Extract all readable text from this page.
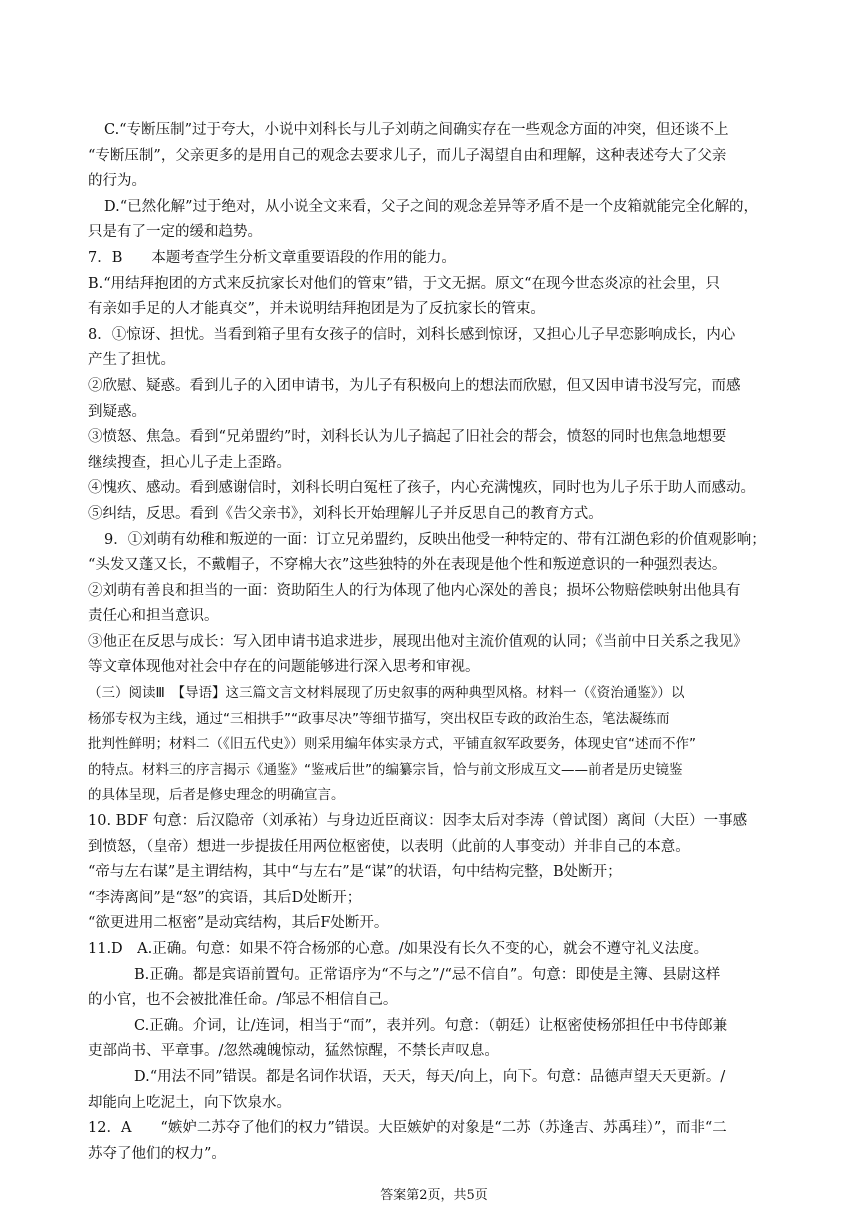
C.“专断压制”过于夸大，小说中刘科长与儿子刘萌之间确实存在一些观念方面的冲突，但还谈不上
“专断压制”，父亲更多的是用自己的观念去要求儿子，而儿子渴望自由和理解，这种表述夸大了父亲
的行为。
D.“已然化解”过于绝对，从小说全文来看，父子之间的观念差异等矛盾不是一个皮箱就能完全化解的，
只是有了一定的缓和趋势。
7．B　　本题考查学生分析文章重要语段的作用的能力。
B.“用结拜抱团的方式来反抗家长对他们的管束”错，于文无据。原文“在现今世态炎凉的社会里，只
有亲如手足的人才能真交”，并未说明结拜抱团是为了反抗家长的管束。
8．①惊讶、担忧。当看到箱子里有女孩子的信时，刘科长感到惊讶，又担心儿子早恋影响成长，内心
产生了担忧。
②欣慰、疑惑。看到儿子的入团申请书，为儿子有积极向上的想法而欣慰，但又因申请书没写完，而感
到疑惑。
③愤怒、焦急。看到“兄弟盟约”时，刘科长认为儿子搞起了旧社会的帮会，愤怒的同时也焦急地想要
继续搜查，担心儿子走上歪路。
④愧疚、感动。看到感谢信时，刘科长明白冤枉了孩子，内心充满愧疚，同时也为儿子乐于助人而感动。
⑤纠结，反思。看到《告父亲书》，刘科长开始理解儿子并反思自己的教育方式。
9．①刘萌有幼稚和叛逆的一面：订立兄弟盟约，反映出他受一种特定的、带有江湖色彩的价值观影响；
“头发又蓬又长，不戴帽子，不穿棉大衣”这些独特的外在表现是他个性和叛逆意识的一种强烈表达。
②刘萌有善良和担当的一面：资助陌生人的行为体现了他内心深处的善良；损坏公物赔偿映射出他具有
责任心和担当意识。
③他正在反思与成长：写入团申请书追求进步，展现出他对主流价值观的认同；《当前中日关系之我见》
等文章体现他对社会中存在的问题能够进行深入思考和审视。
（三）阅读Ⅲ　【导语】这三篇文言文材料展现了历史叙事的两种典型风格。材料一（《资治通鉴》）以
杨邠专权为主线，通过“三相拱手”“政事尽决”等细节描写，突出权臣专政的政治生态，笔法凝练而
批判性鲜明；材料二（《旧五代史》）则采用编年体实录方式，平铺直叙军政要务，体现史官“述而不作”
的特点。材料三的序言揭示《通鉴》“鉴戒后世”的编纂宗旨，恰与前文形成互文——前者是历史镜鉴
的具体呈现，后者是修史理念的明确宣言。
10. BDF 句意：后汉隐帝（刘承祐）与身边近臣商议：因李太后对李涛（曾试图）离间（大臣）一事感
到愤怒，（皇帝）想进一步提拔任用两位枢密使，以表明（此前的人事变动）并非自己的本意。
“帝与左右谋”是主谓结构，其中“与左右”是“谋”的状语，句中结构完整，B处断开；
“李涛离间”是“怒”的宾语，其后D处断开；
“欲更进用二枢密”是动宾结构，其后F处断开。
11.D　A.正确。句意：如果不符合杨邠的心意。/如果没有长久不变的心，就会不遵守礼义法度。
B.正确。都是宾语前置句。正常语序为“不与之”/“忌不信自”。句意：即使是主簿、县尉这样
的小官，也不会被批准任命。/邹忌不相信自己。
C.正确。介词，让/连词，相当于“而”，表并列。句意：（朝廷）让枢密使杨邠担任中书侍郎兼
吏部尚书、平章事。/忽然魂魄惊动，猛然惊醒，不禁长声叹息。
D.“用法不同”错误。都是名词作状语，天天，每天/向上，向下。句意：品德声望天天更新。/
却能向上吃泥土，向下饮泉水。
12．A　　“嫉妒二苏夺了他们的权力”错误。大臣嫉妒的对象是“二苏（苏逢吉、苏禹珪）”，而非“二
苏夺了他们的权力”。
答案第2页，共5页
